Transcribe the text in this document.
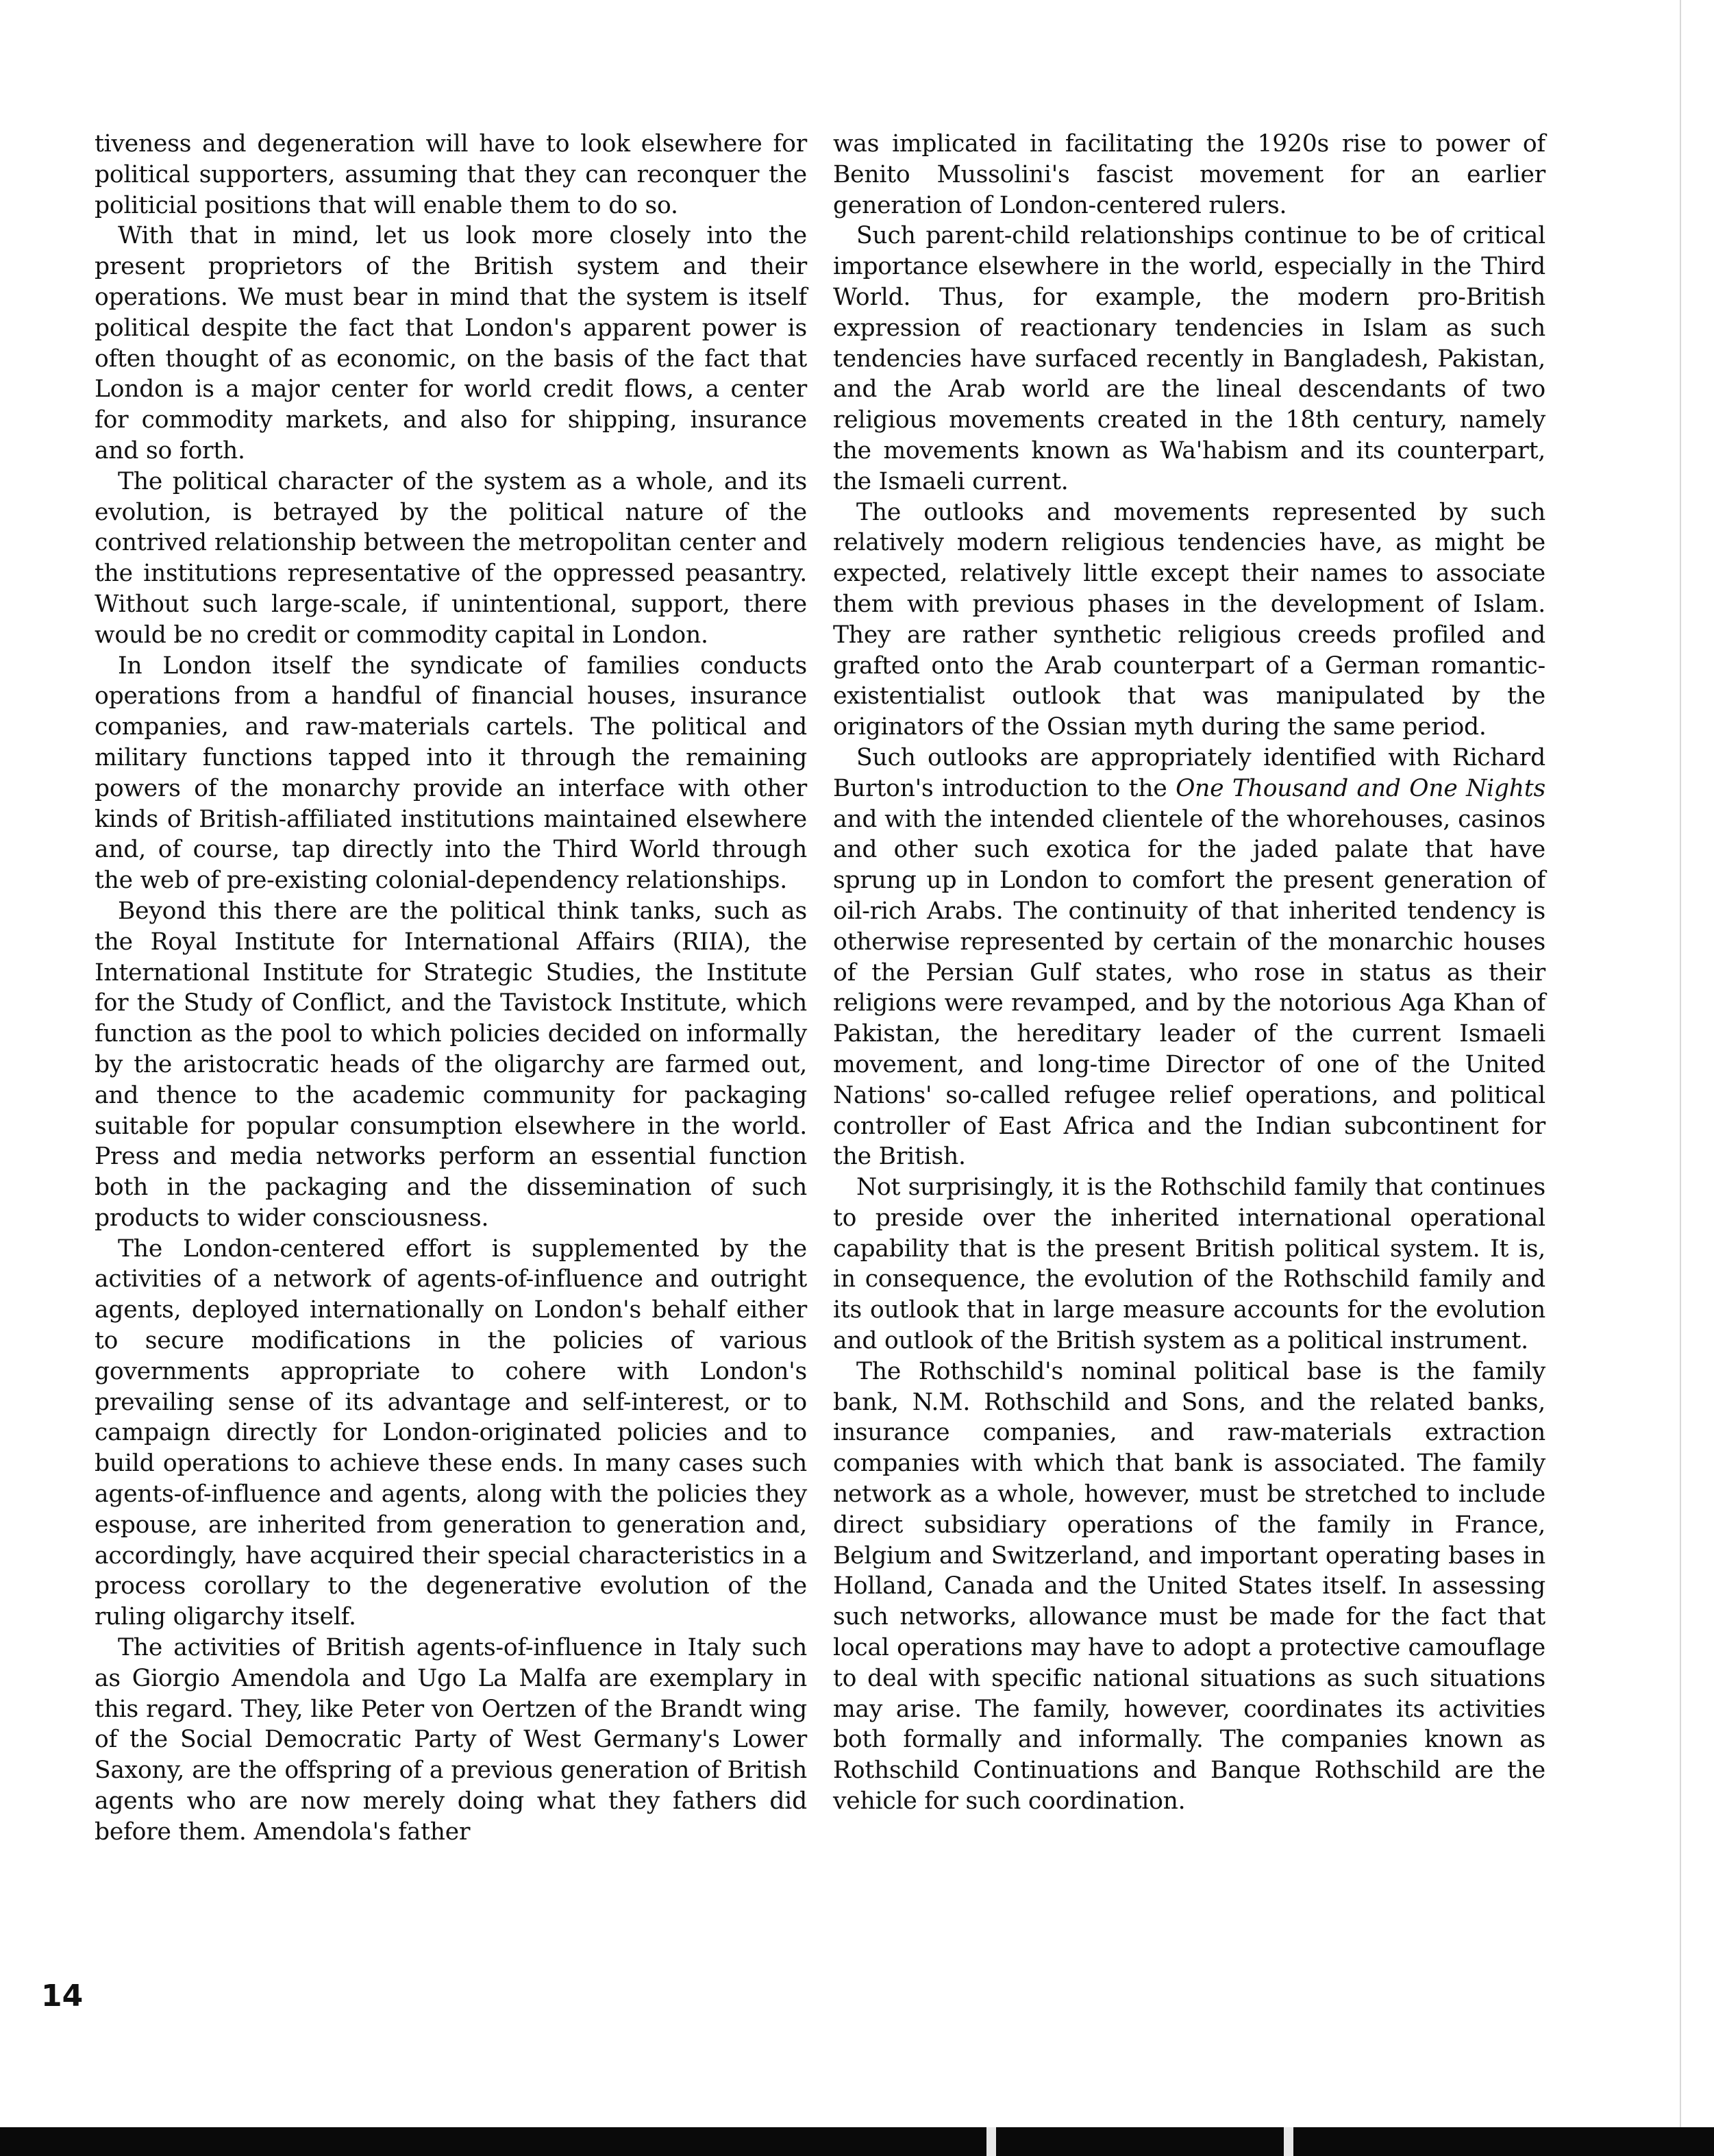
tiveness and degeneration will have to look elsewhere for political supporters, assuming that they can reconquer the politicial positions that will enable them to do so.

With that in mind, let us look more closely into the present proprietors of the British system and their operations. We must bear in mind that the system is itself political despite the fact that London's apparent power is often thought of as economic, on the basis of the fact that London is a major center for world credit flows, a center for commodity markets, and also for shipping, insurance and so forth.

The political character of the system as a whole, and its evolution, is betrayed by the political nature of the contrived relationship between the metropolitan center and the institutions representative of the oppressed peasantry. Without such large-scale, if unintentional, support, there would be no credit or commodity capital in London.

In London itself the syndicate of families conducts operations from a handful of financial houses, insurance companies, and raw-materials cartels. The political and military functions tapped into it through the remaining powers of the monarchy provide an interface with other kinds of British-affiliated institutions maintained elsewhere and, of course, tap directly into the Third World through the web of pre-existing colonial-dependency relationships.

Beyond this there are the political think tanks, such as the Royal Institute for International Affairs (RIIA), the International Institute for Strategic Studies, the Institute for the Study of Conflict, and the Tavistock Institute, which function as the pool to which policies decided on informally by the aristocratic heads of the oligarchy are farmed out, and thence to the academic community for packaging suitable for popular consumption elsewhere in the world. Press and media networks perform an essential function both in the packaging and the dissemination of such products to wider consciousness.

The London-centered effort is supplemented by the activities of a network of agents-of-influence and outright agents, deployed internationally on London's behalf either to secure modifications in the policies of various governments appropriate to cohere with London's prevailing sense of its advantage and self-interest, or to campaign directly for London-originated policies and to build operations to achieve these ends. In many cases such agents-of-influence and agents, along with the policies they espouse, are inherited from generation to generation and, accordingly, have acquired their special characteristics in a process corollary to the degenerative evolution of the ruling oligarchy itself.

The activities of British agents-of-influence in Italy such as Giorgio Amendola and Ugo La Malfa are exemplary in this regard. They, like Peter von Oertzen of the Brandt wing of the Social Democratic Party of West Germany's Lower Saxony, are the offspring of a previous generation of British agents who are now merely doing what they fathers did before them. Amendola's father

was implicated in facilitating the 1920s rise to power of Benito Mussolini's fascist movement for an earlier generation of London-centered rulers.

Such parent-child relationships continue to be of critical importance elsewhere in the world, especially in the Third World. Thus, for example, the modern pro-British expression of reactionary tendencies in Islam as such tendencies have surfaced recently in Bangladesh, Pakistan, and the Arab world are the lineal descendants of two religious movements created in the 18th century, namely the movements known as Wa'habism and its counterpart, the Ismaeli current.

The outlooks and movements represented by such relatively modern religious tendencies have, as might be expected, relatively little except their names to associate them with previous phases in the development of Islam. They are rather synthetic religious creeds profiled and grafted onto the Arab counterpart of a German romantic-existentialist outlook that was manipulated by the originators of the Ossian myth during the same period.

Such outlooks are appropriately identified with Richard Burton's introduction to the One Thousand and One Nights and with the intended clientele of the whorehouses, casinos and other such exotica for the jaded palate that have sprung up in London to comfort the present generation of oil-rich Arabs. The continuity of that inherited tendency is otherwise represented by certain of the monarchic houses of the Persian Gulf states, who rose in status as their religions were revamped, and by the notorious Aga Khan of Pakistan, the hereditary leader of the current Ismaeli movement, and long-time Director of one of the United Nations' so-called refugee relief operations, and political controller of East Africa and the Indian subcontinent for the British.

Not surprisingly, it is the Rothschild family that continues to preside over the inherited international operational capability that is the present British political system. It is, in consequence, the evolution of the Rothschild family and its outlook that in large measure accounts for the evolution and outlook of the British system as a political instrument.

The Rothschild's nominal political base is the family bank, N.M. Rothschild and Sons, and the related banks, insurance companies, and raw-materials extraction companies with which that bank is associated. The family network as a whole, however, must be stretched to include direct subsidiary operations of the family in France, Belgium and Switzerland, and important operating bases in Holland, Canada and the United States itself. In assessing such networks, allowance must be made for the fact that local operations may have to adopt a protective camouflage to deal with specific national situations as such situations may arise. The family, however, coordinates its activities both formally and informally. The companies known as Rothschild Continuations and Banque Rothschild are the vehicle for such coordination.

14
